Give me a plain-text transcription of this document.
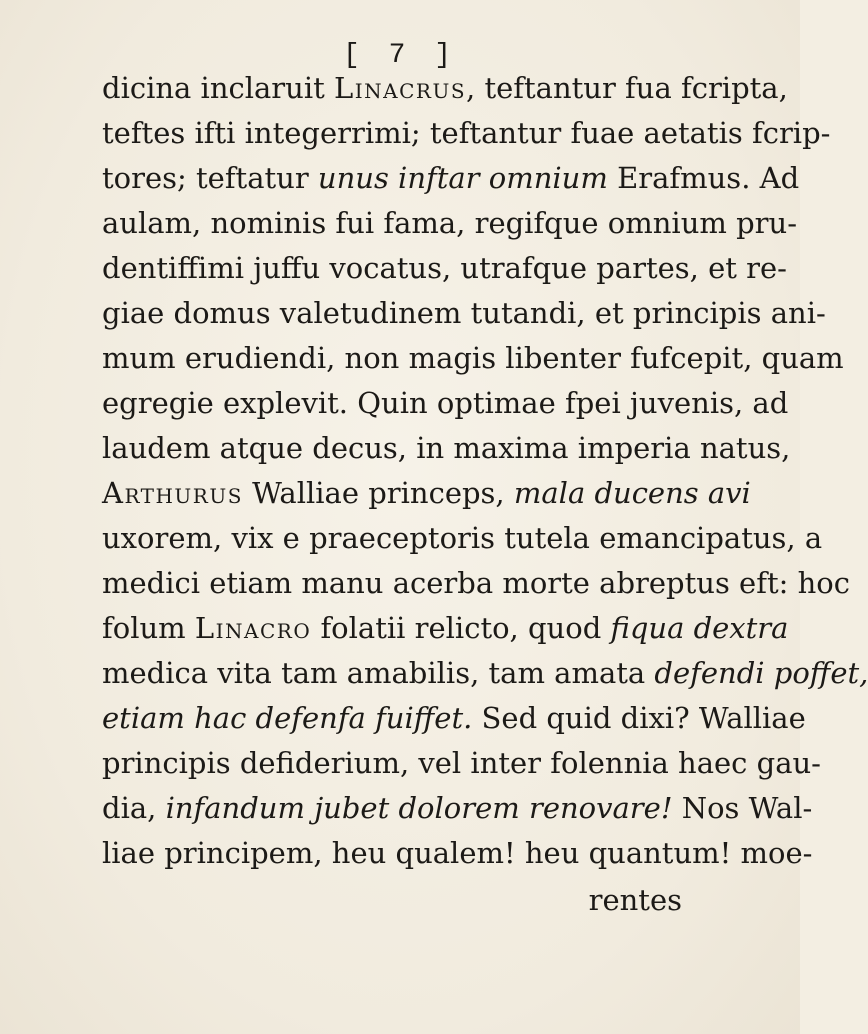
[ 7 ]
dicina inclaruit Linacrus, teftantur fua fcripta,
teftes ifti integerrimi; teftantur fuae aetatis fcrip-
tores; teftatur unus inftar omnium Erafmus. Ad
aulam, nominis fui fama, regifque omnium pru-
dentiffimi juffu vocatus, utrafque partes, et re-
giae domus valetudinem tutandi, et principis ani-
mum erudiendi, non magis libenter fufcepit, quam
egregie explevit. Quin optimae fpei juvenis, ad
laudem atque decus, in maxima imperia natus,
Arthurus Walliae princeps, mala ducens avi
uxorem, vix e praeceptoris tutela emancipatus, a
medici etiam manu acerba morte abreptus eft: hoc
folum Linacro folatii relicto, quod fiqua dextra
medica vita tam amabilis, tam amata defendi poffet,
etiam hac defenfa fuiffet. Sed quid dixi? Walliae
principis defiderium, vel inter folennia haec gau-
dia, infandum jubet dolorem renovare! Nos Wal-
liae principem, heu qualem! heu quantum! moe-
rentes
